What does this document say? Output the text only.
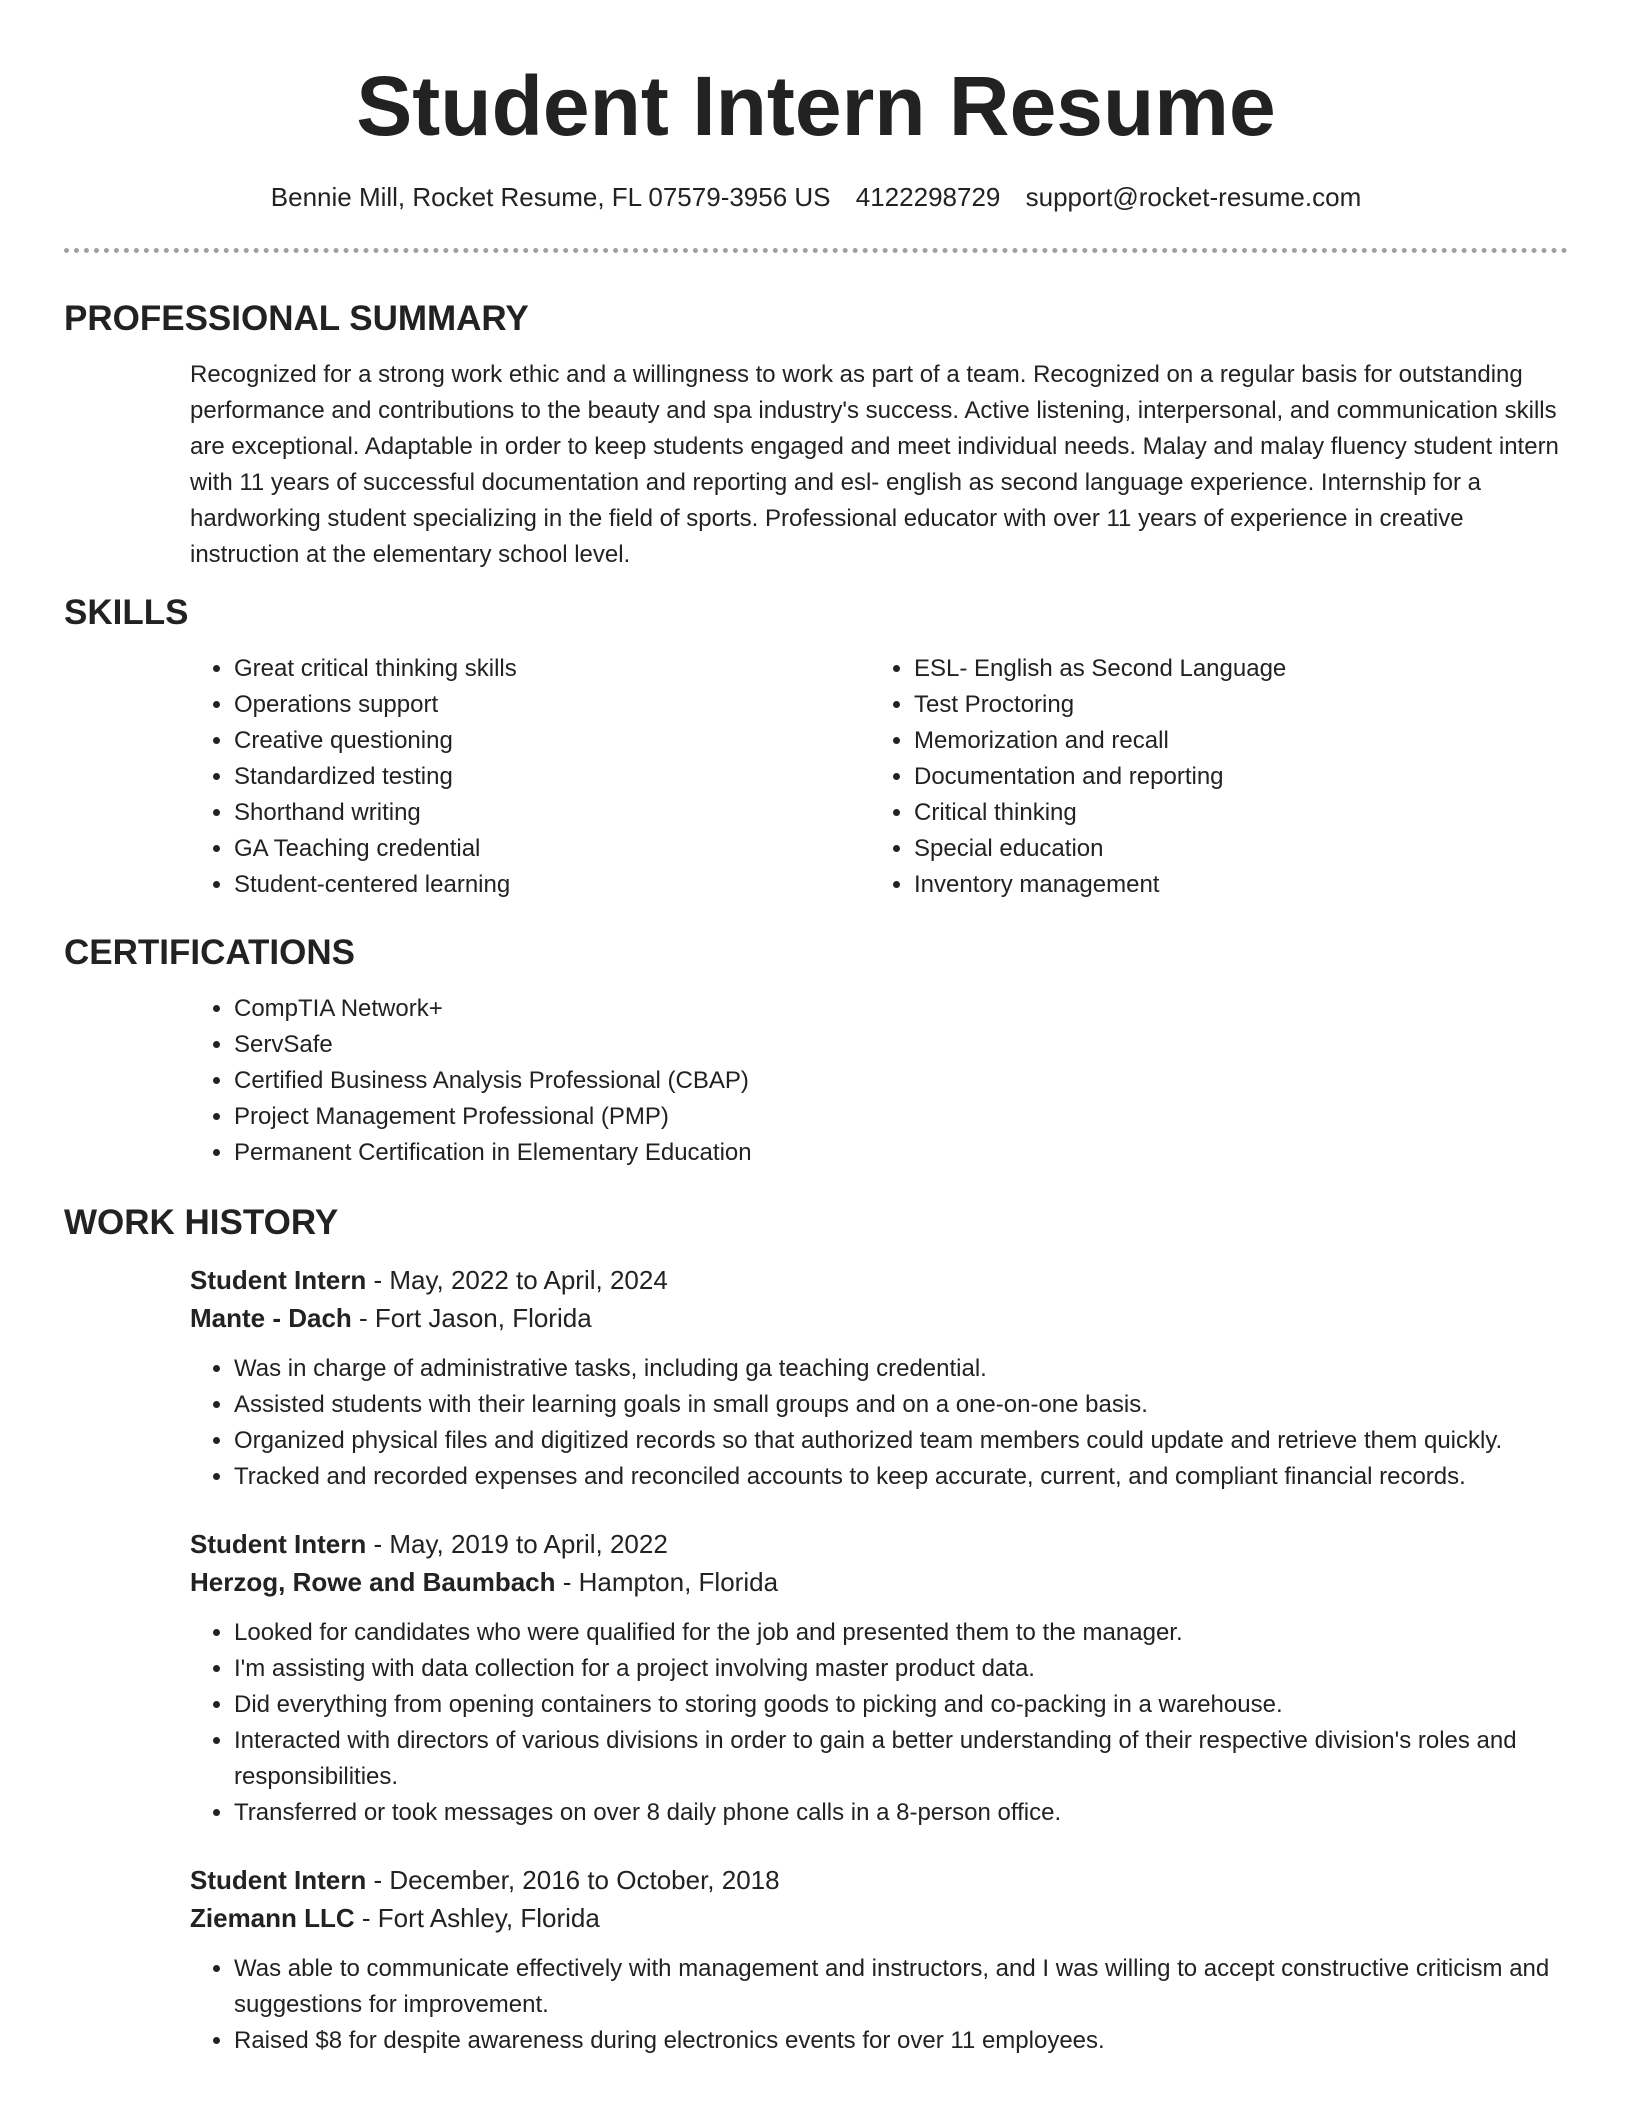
Student Intern Resume
Bennie Mill, Rocket Resume, FL 07579-3956 US 4122298729 support@rocket-resume.com
PROFESSIONAL SUMMARY

Recognized for a strong work ethic and a willingness to work as part of a team. Recognized on a regular basis for outstanding performance and contributions to the beauty and spa industry's success. Active listening, interpersonal, and communication skills are exceptional. Adaptable in order to keep students engaged and meet individual needs. Malay and malay fluency student intern with 11 years of successful documentation and reporting and esl- english as second language experience. Internship for a hardworking student specializing in the field of sports. Professional educator with over 11 years of experience in creative instruction at the elementary school level.

SKILLS
• Great critical thinking skills
• Operations support
• Creative questioning
• Standardized testing
• Shorthand writing
• GA Teaching credential
• Student-centered learning
• ESL- English as Second Language
• Test Proctoring
• Memorization and recall
• Documentation and reporting
• Critical thinking
• Special education
• Inventory management
CERTIFICATIONS
• CompTIA Network+
• ServSafe
• Certified Business Analysis Professional (CBAP)
• Project Management Professional (PMP)
• Permanent Certification in Elementary Education
WORK HISTORY
Student Intern - May, 2022 to April, 2024
Mante - Dach - Fort Jason, Florida
• Was in charge of administrative tasks, including ga teaching credential.
• Assisted students with their learning goals in small groups and on a one-on-one basis.
• Organized physical files and digitized records so that authorized team members could update and retrieve them quickly.
• Tracked and recorded expenses and reconciled accounts to keep accurate, current, and compliant financial records.
Student Intern - May, 2019 to April, 2022
Herzog, Rowe and Baumbach - Hampton, Florida
• Looked for candidates who were qualified for the job and presented them to the manager.
• I'm assisting with data collection for a project involving master product data.
• Did everything from opening containers to storing goods to picking and co-packing in a warehouse.
• Interacted with directors of various divisions in order to gain a better understanding of their respective division's roles and responsibilities.
• Transferred or took messages on over 8 daily phone calls in a 8-person office.
Student Intern - December, 2016 to October, 2018
Ziemann LLC - Fort Ashley, Florida
• Was able to communicate effectively with management and instructors, and I was willing to accept constructive criticism and suggestions for improvement.
• Raised $8 for despite awareness during electronics events for over 11 employees.
